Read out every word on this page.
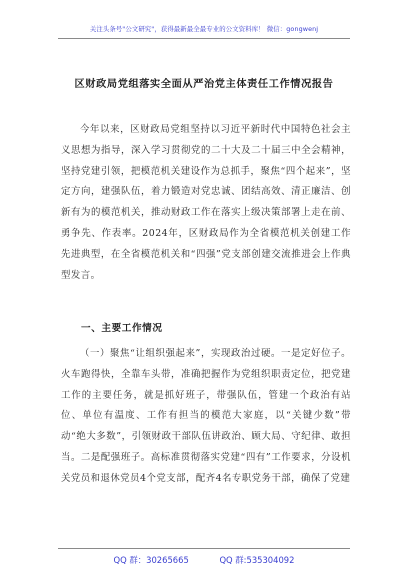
关注头条号"公文研究"，获得最新最全最专业的公文资料库！ 微信：gongwenj
区财政局党组落实全面从严治党主体责任工作情况报告

今年以来，区财政局党组坚持以习近平新时代中国特色社会主义思想为指导，深入学习贯彻党的二十大及二十届三中全会精神，坚持党建引领，把模范机关建设作为总抓手，聚焦“四个起来”，坚定方向，建强队伍，着力锻造对党忠诚、团结高效、清正廉洁、创新有为的模范机关，推动财政工作在落实上级决策部署上走在前、勇争先、作表率。2024年，区财政局作为全省模范机关创建工作先进典型，在全省模范机关和“四强”党支部创建交流推进会上作典型发言。

一、主要工作情况

（一）聚焦“让组织强起来”，实现政治过硬。一是定好位子。火车跑得快，全靠车头带，准确把握作为党组织职责定位，把党建工作的主要任务，就是抓好班子，带强队伍，管建一个政治有站位、单位有温度、工作有担当的模范大家庭，以“关键少数”带动“绝大多数”，引领财政干部队伍讲政治、顾大局、守纪律、敢担当。二是配强班子。高标准贯彻落实党建“四有”工作要求，分设机关党员和退休党员4个党支部，配齐4名专职党务干部，确保了党建

QQ 群：30265665	QQ 群:535304092
